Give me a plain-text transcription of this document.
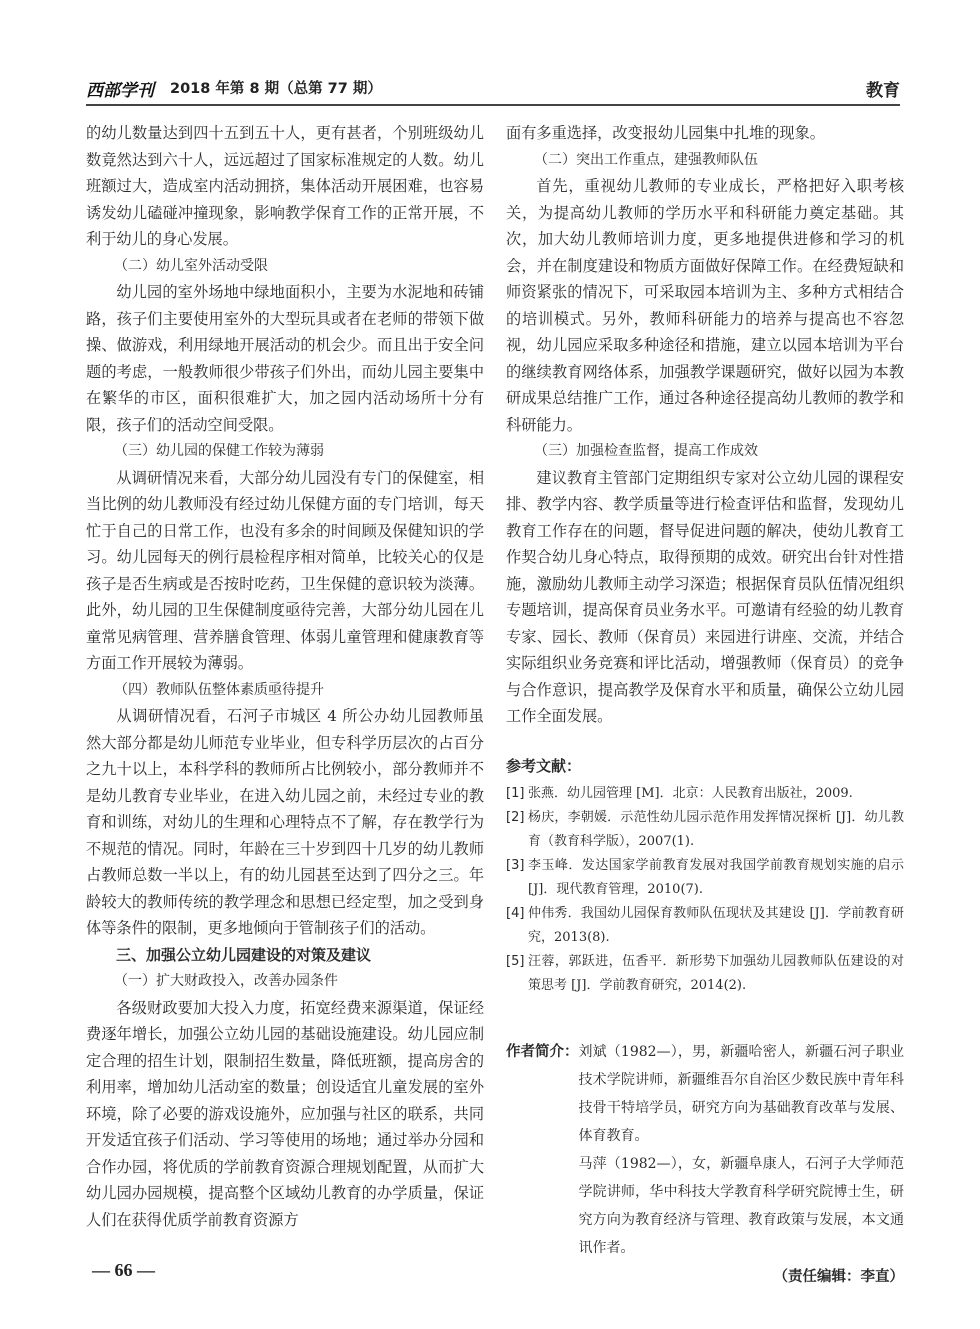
西部学刊 2018 年第 8 期（总第 77 期）	教育

的幼儿数量达到四十五到五十人，更有甚者，个别班级幼儿数竟然达到六十人，远远超过了国家标准规定的人数。幼儿班额过大，造成室内活动拥挤，集体活动开展困难，也容易诱发幼儿磕碰冲撞现象，影响教学保育工作的正常开展，不利于幼儿的身心发展。

（二）幼儿室外活动受限

幼儿园的室外场地中绿地面积小，主要为水泥地和砖铺路，孩子们主要使用室外的大型玩具或者在老师的带领下做操、做游戏，利用绿地开展活动的机会少。而且出于安全问题的考虑，一般教师很少带孩子们外出，而幼儿园主要集中在繁华的市区，面积很难扩大，加之园内活动场所十分有限，孩子们的活动空间受限。

（三）幼儿园的保健工作较为薄弱

从调研情况来看，大部分幼儿园没有专门的保健室，相当比例的幼儿教师没有经过幼儿保健方面的专门培训，每天忙于自己的日常工作，也没有多余的时间顾及保健知识的学习。幼儿园每天的例行晨检程序相对简单，比较关心的仅是孩子是否生病或是否按时吃药，卫生保健的意识较为淡薄。此外，幼儿园的卫生保健制度亟待完善，大部分幼儿园在儿童常见病管理、营养膳食管理、体弱儿童管理和健康教育等方面工作开展较为薄弱。

（四）教师队伍整体素质亟待提升

从调研情况看，石河子市城区 4 所公办幼儿园教师虽然大部分都是幼儿师范专业毕业，但专科学历层次的占百分之九十以上，本科学科的教师所占比例较小，部分教师并不是幼儿教育专业毕业，在进入幼儿园之前，未经过专业的教育和训练，对幼儿的生理和心理特点不了解，存在教学行为不规范的情况。同时，年龄在三十岁到四十几岁的幼儿教师占教师总数一半以上，有的幼儿园甚至达到了四分之三。年龄较大的教师传统的教学理念和思想已经定型，加之受到身体等条件的限制，更多地倾向于管制孩子们的活动。

三、加强公立幼儿园建设的对策及建议

（一）扩大财政投入，改善办园条件

各级财政要加大投入力度，拓宽经费来源渠道，保证经费逐年增长，加强公立幼儿园的基础设施建设。幼儿园应制定合理的招生计划，限制招生数量，降低班额，提高房舍的利用率，增加幼儿活动室的数量；创设适宜儿童发展的室外环境，除了必要的游戏设施外，应加强与社区的联系，共同开发适宜孩子们活动、学习等使用的场地；通过举办分园和合作办园，将优质的学前教育资源合理规划配置，从而扩大幼儿园办园规模，提高整个区域幼儿教育的办学质量，保证人们在获得优质学前教育资源方

面有多重选择，改变报幼儿园集中扎堆的现象。

（二）突出工作重点，建强教师队伍

首先，重视幼儿教师的专业成长，严格把好入职考核关，为提高幼儿教师的学历水平和科研能力奠定基础。其次，加大幼儿教师培训力度，更多地提供进修和学习的机会，并在制度建设和物质方面做好保障工作。在经费短缺和师资紧张的情况下，可采取园本培训为主、多种方式相结合的培训模式。另外，教师科研能力的培养与提高也不容忽视，幼儿园应采取多种途径和措施，建立以园本培训为平台的继续教育网络体系，加强教学课题研究，做好以园为本教研成果总结推广工作，通过各种途径提高幼儿教师的教学和科研能力。

（三）加强检查监督，提高工作成效

建议教育主管部门定期组织专家对公立幼儿园的课程安排、教学内容、教学质量等进行检查评估和监督，发现幼儿教育工作存在的问题，督导促进问题的解决，使幼儿教育工作契合幼儿身心特点，取得预期的成效。研究出台针对性措施，激励幼儿教师主动学习深造；根据保育员队伍情况组织专题培训，提高保育员业务水平。可邀请有经验的幼儿教育专家、园长、教师（保育员）来园进行讲座、交流，并结合实际组织业务竞赛和评比活动，增强教师（保育员）的竞争与合作意识，提高教学及保育水平和质量，确保公立幼儿园工作全面发展。

参考文献：

[1] 张燕．幼儿园管理 [M]．北京：人民教育出版社，2009.
[2] 杨庆，李朝媛．示范性幼儿园示范作用发挥情况探析 [J]．幼儿教育（教育科学版），2007(1).
[3] 李玉峰．发达国家学前教育发展对我国学前教育规划实施的启示 [J]．现代教育管理，2010(7).
[4] 仲伟秀．我国幼儿园保育教师队伍现状及其建设 [J]．学前教育研究，2013(8).
[5] 汪蓉，郭跃进，伍香平．新形势下加强幼儿园教师队伍建设的对策思考 [J]．学前教育研究，2014(2).
作者简介： 刘斌（1982—），男，新疆哈密人，新疆石河子职业技术学院讲师，新疆维吾尔自治区少数民族中青年科技骨干特培学员，研究方向为基础教育改革与发展、体育教育。

马萍（1982—），女，新疆阜康人，石河子大学师范学院讲师，华中科技大学教育科学研究院博士生，研究方向为教育经济与管理、教育政策与发展，本文通讯作者。

（责任编辑：李直）
— 66 —
